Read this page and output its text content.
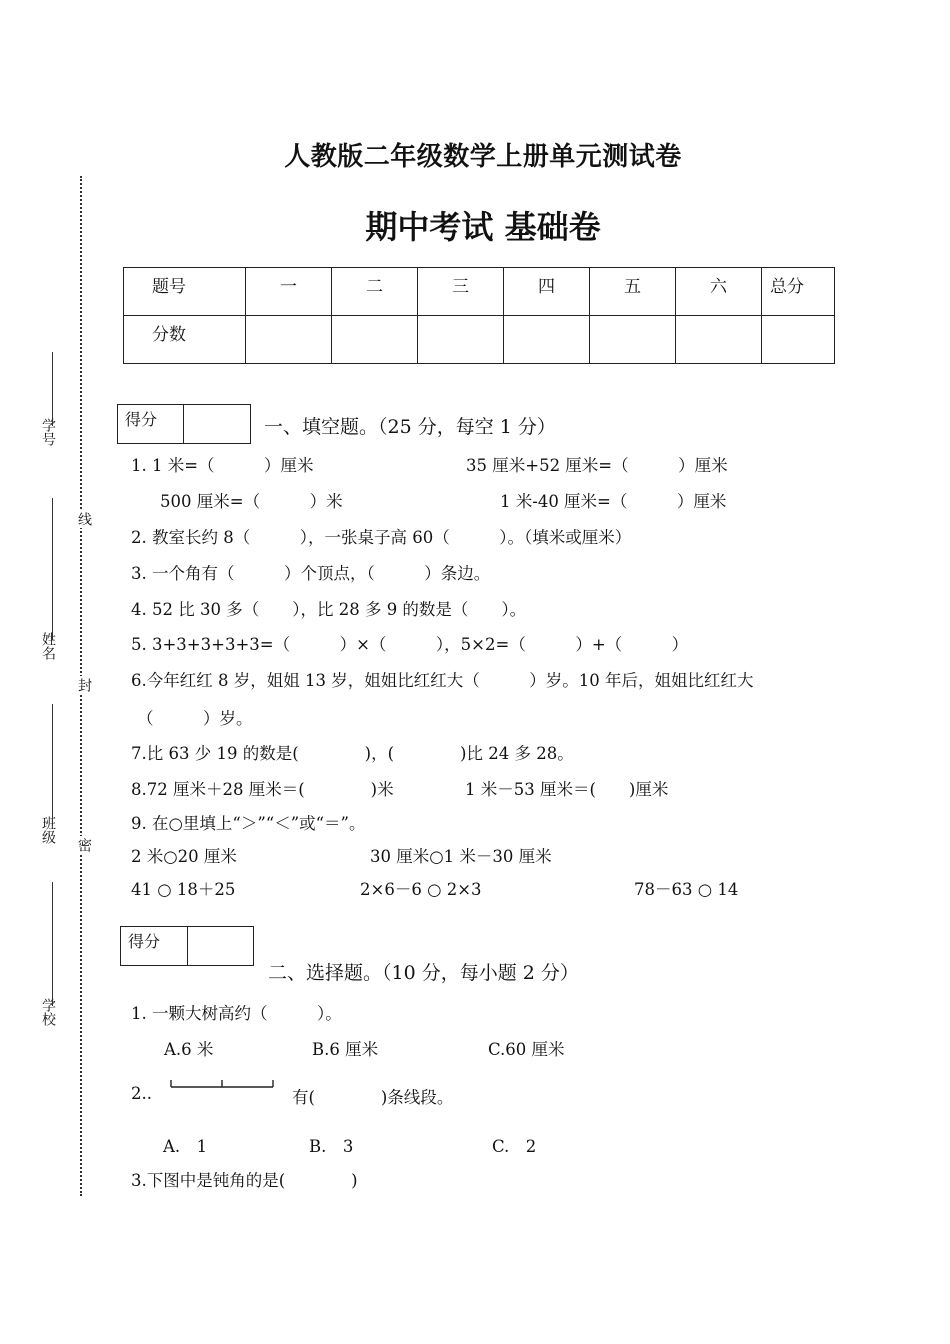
人教版二年级数学上册单元测试卷
期中考试 基础卷
题号	一	二	三	四	五	六	总分
分数							
学号
姓名
班级
学校
线
封
密
得分	一、填空题。（25 分，每空 1 分）
1. 1 米=（　　　）厘米	35 厘米+52 厘米=（　　　）厘米
500 厘米=（　　　）米	1 米-40 厘米=（　　　）厘米
2. 教室长约 8（　　　），一张桌子高 60（　　　）。（填米或厘米）
3. 一个角有（　　　）个顶点，（　　　）条边。
4. 52 比 30 多（　　），比 28 多 9 的数是（　　）。
5. 3+3+3+3+3=（　　　）×（　　　），5×2=（　　　）+（　　　）
6.今年红红 8 岁，姐姐 13 岁，姐姐比红红大（　　　）岁。10 年后，姐姐比红红大
（　　　）岁。
7.比 63 少 19 的数是(　　　　)，(　　　　)比 24 多 28。
8.72 厘米＋28 厘米＝(　　　　)米	1 米－53 厘米＝(　　)厘米
9. 在○里填上“＞”“＜”或“＝”。
2 米○20 厘米	30 厘米○1 米－30 厘米
41 ○ 18＋25	2×6－6 ○ 2×3	78－63 ○ 14
得分
二、选择题。（10 分，每小题 2 分）
1. 一颗大树高约（　　　）。
A.6 米	B.6 厘米	C.60 厘米
2..	有(　　　　)条线段。
A.　1	B.　3	C.　2
3.下图中是钝角的是(　　　　)
